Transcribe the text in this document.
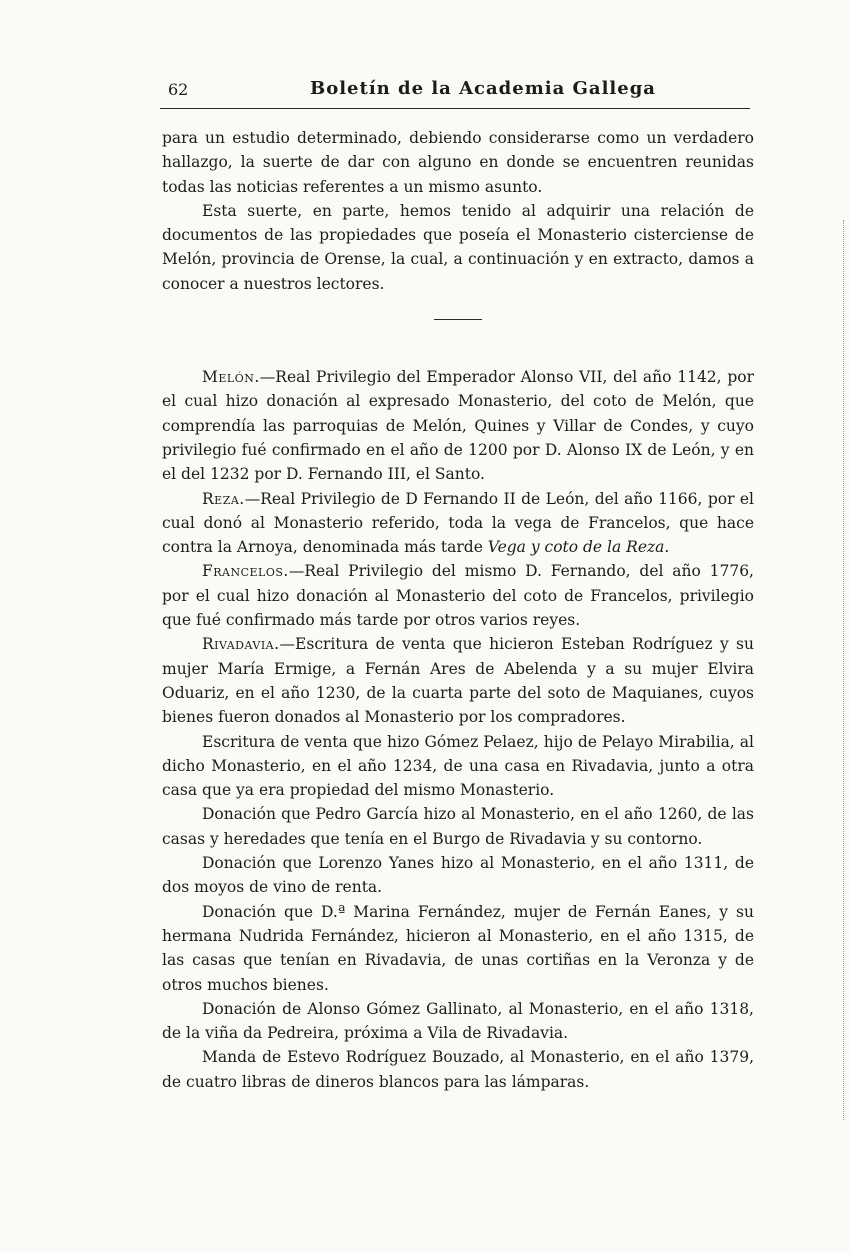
62	Boletín de la Academia Gallega

para un estudio determinado, debiendo considerarse como un verdadero hallazgo, la suerte de dar con alguno en donde se encuentren reunidas todas las noticias referentes a un mismo asunto.

Esta suerte, en parte, hemos tenido al adquirir una relación de documentos de las propiedades que poseía el Monasterio cisterciense de Melón, provincia de Orense, la cual, a continuación y en extracto, damos a conocer a nuestros lectores.

Melón.—Real Privilegio del Emperador Alonso VII, del año 1142, por el cual hizo donación al expresado Monasterio, del coto de Melón, que comprendía las parroquias de Melón, Quines y Villar de Condes, y cuyo privilegio fué confirmado en el año de 1200 por D. Alonso IX de León, y en el del 1232 por D. Fernando III, el Santo.

Reza.—Real Privilegio de D Fernando II de León, del año 1166, por el cual donó al Monasterio referido, toda la vega de Francelos, que hace contra la Arnoya, denominada más tarde Vega y coto de la Reza.

Francelos.—Real Privilegio del mismo D. Fernando, del año 1776, por el cual hizo donación al Monasterio del coto de Francelos, privilegio que fué confirmado más tarde por otros varios reyes.

Rivadavia.—Escritura de venta que hicieron Esteban Rodríguez y su mujer María Ermige, a Fernán Ares de Abelenda y a su mujer Elvira Oduariz, en el año 1230, de la cuarta parte del soto de Maquianes, cuyos bienes fueron donados al Monasterio por los compradores.

Escritura de venta que hizo Gómez Pelaez, hijo de Pelayo Mirabilia, al dicho Monasterio, en el año 1234, de una casa en Rivadavia, junto a otra casa que ya era propiedad del mismo Monasterio.

Donación que Pedro García hizo al Monasterio, en el año 1260, de las casas y heredades que tenía en el Burgo de Rivadavia y su contorno.

Donación que Lorenzo Yanes hizo al Monasterio, en el año 1311, de dos moyos de vino de renta.

Donación que D.ª Marina Fernández, mujer de Fernán Eanes, y su hermana Nudrida Fernández, hicieron al Monasterio, en el año 1315, de las casas que tenían en Rivadavia, de unas cortiñas en la Veronza y de otros muchos bienes.

Donación de Alonso Gómez Gallinato, al Monasterio, en el año 1318, de la viña da Pedreira, próxima a Vila de Rivadavia.

Manda de Estevo Rodríguez Bouzado, al Monasterio, en el año 1379, de cuatro libras de dineros blancos para las lámparas.
